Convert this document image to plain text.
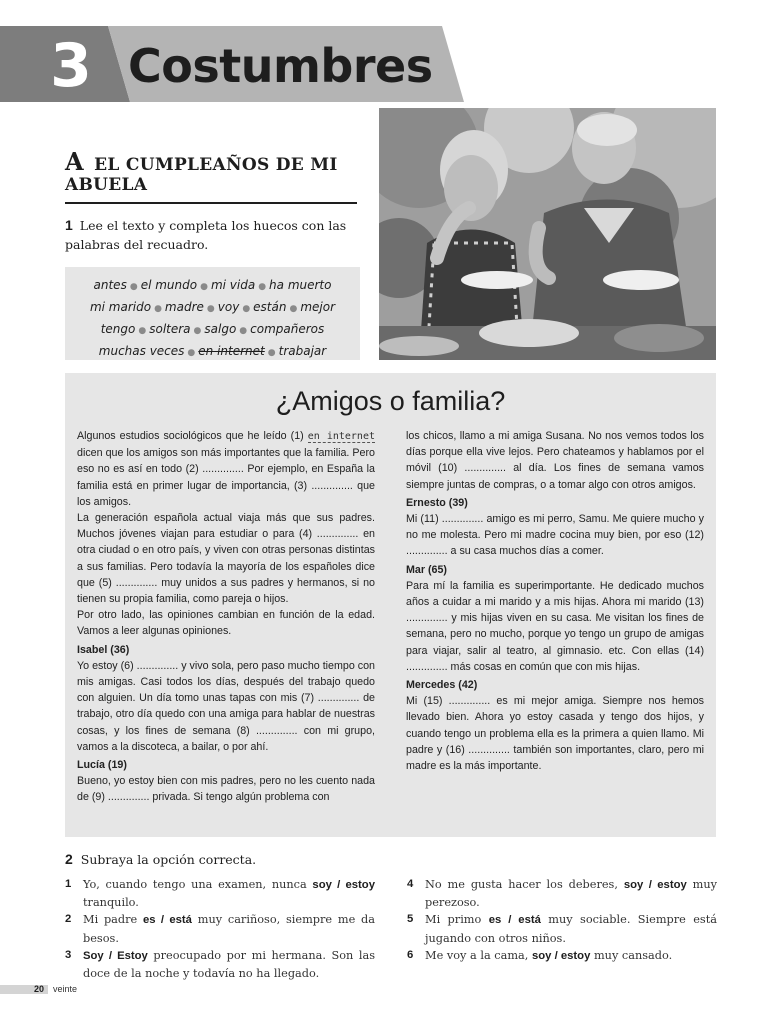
3 Costumbres
A EL CUMPLEAÑOS DE MI ABUELA
1 Lee el texto y completa los huecos con las palabras del recuadro.
antes ● el mundo ● mi vida ● ha muerto
mi marido ● madre ● voy ● están ● mejor
tengo ● soltera ● salgo ● compañeros
muchas veces ● en internet ● trabajar
¿Amigos o familia?

Algunos estudios sociológicos que he leído (1) en internet dicen que los amigos son más importantes que la familia. Pero eso no es así en todo (2) .............. Por ejemplo, en España la familia está en primer lugar de importancia, (3) .............. que los amigos.

La generación española actual viaja más que sus padres. Muchos jóvenes viajan para estudiar o para (4) .............. en otra ciudad o en otro país, y viven con otras personas distintas a sus familias. Pero todavía la mayoría de los españoles dice que (5) .............. muy unidos a sus padres y hermanos, si no tienen su propia familia, como pareja o hijos.

Por otro lado, las opiniones cambian en función de la edad. Vamos a leer algunas opiniones.

Isabel (36)

Yo estoy (6) .............. y vivo sola, pero paso mucho tiempo con mis amigas. Casi todos los días, después del trabajo quedo con alguien. Un día tomo unas tapas con mis (7) .............. de trabajo, otro día quedo con una amiga para hablar de nuestras cosas, y los fines de semana (8) .............. con mi grupo, vamos a la discoteca, a bailar, o por ahí.

Lucía (19)

Bueno, yo estoy bien con mis padres, pero no les cuento nada de (9) .............. privada. Si tengo algún problema con

los chicos, llamo a mi amiga Susana. No nos vemos todos los días porque ella vive lejos. Pero chateamos y hablamos por el móvil (10) .............. al día. Los fines de semana vamos siempre juntas de compras, o a tomar algo con otros amigos.

Ernesto (39)

Mi (11) .............. amigo es mi perro, Samu. Me quiere mucho y no me molesta. Pero mi madre cocina muy bien, por eso (12) .............. a su casa muchos días a comer.

Mar (65)

Para mí la familia es superimportante. He dedicado muchos años a cuidar a mi marido y a mis hijas. Ahora mi marido (13) .............. y mis hijas viven en su casa. Me visitan los fines de semana, pero no mucho, porque yo tengo un grupo de amigas para viajar, salir al teatro, al gimnasio. etc. Con ellas (14) .............. más cosas en común que con mis hijas.

Mercedes (42)

Mi (15) .............. es mi mejor amiga. Siempre nos hemos llevado bien. Ahora yo estoy casada y tengo dos hijos, y cuando tengo un problema ella es la primera a quien llamo. Mi padre y (16) .............. también son importantes, claro, pero mi madre es la más importante.

2 Subraya la opción correcta.
1 Yo, cuando tengo una examen, nunca soy / estoy tranquilo.
2 Mi padre es / está muy cariñoso, siempre me da besos.
3 Soy / Estoy preocupado por mi hermana. Son las doce de la noche y todavía no ha llegado.
4 No me gusta hacer los deberes, soy / estoy muy perezoso.
5 Mi primo es / está muy sociable. Siempre está jugando con otros niños.
6 Me voy a la cama, soy / estoy muy cansado.
20 veinte
